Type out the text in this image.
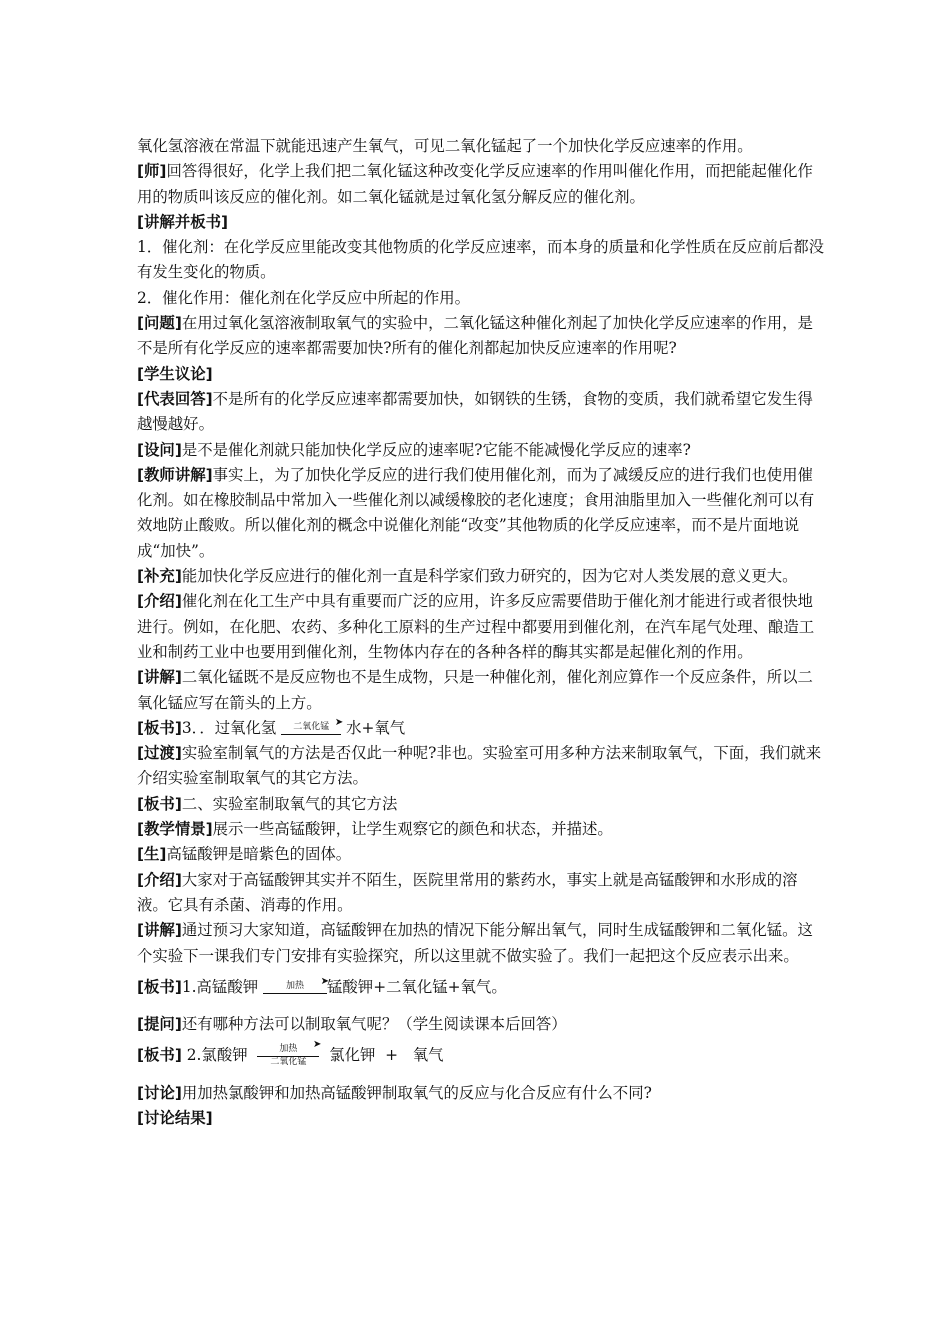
氧化氢溶液在常温下就能迅速产生氧气，可见二氧化锰起了一个加快化学反应速率的作用。

[师]回答得很好，化学上我们把二氧化锰这种改变化学反应速率的作用叫催化作用，而把能起催化作用的物质叫该反应的催化剂。如二氧化锰就是过氧化氢分解反应的催化剂。

[讲解并板书]

1．催化剂：在化学反应里能改变其他物质的化学反应速率，而本身的质量和化学性质在反应前后都没有发生变化的物质。

2．催化作用：催化剂在化学反应中所起的作用。

[问题]在用过氧化氢溶液制取氧气的实验中，二氧化锰这种催化剂起了加快化学反应速率的作用，是不是所有化学反应的速率都需要加快?所有的催化剂都起加快反应速率的作用呢?

[学生议论]

[代表回答]不是所有的化学反应速率都需要加快，如钢铁的生锈，食物的变质，我们就希望它发生得越慢越好。

[设问]是不是催化剂就只能加快化学反应的速率呢?它能不能减慢化学反应的速率?

[教师讲解]事实上，为了加快化学反应的进行我们使用催化剂，而为了减缓反应的进行我们也使用催化剂。如在橡胶制品中常加入一些催化剂以减缓橡胶的老化速度；食用油脂里加入一些催化剂可以有效地防止酸败。所以催化剂的概念中说催化剂能“改变”其他物质的化学反应速率，而不是片面地说成“加快”。

[补充]能加快化学反应进行的催化剂一直是科学家们致力研究的，因为它对人类发展的意义更大。

[介绍]催化剂在化工生产中具有重要而广泛的应用，许多反应需要借助于催化剂才能进行或者很快地进行。例如，在化肥、农药、多种化工原料的生产过程中都要用到催化剂，在汽车尾气处理、酿造工业和制药工业中也要用到催化剂，生物体内存在的各种各样的酶其实都是起催化剂的作用。

[讲解]二氧化锰既不是反应物也不是生成物，只是一种催化剂，催化剂应算作一个反应条件，所以二氧化锰应写在箭头的上方。

[板书]3．．过氧化氢	二氧化锰 ➤ 水+氧气

[过渡]实验室制氧气的方法是否仅此一种呢?非也。实验室可用多种方法来制取氧气，下面，我们就来介绍实验室制取氧气的其它方法。

[板书]二、实验室制取氧气的其它方法

[教学情景]展示一些高锰酸钾，让学生观察它的颜色和状态，并描述。

[生]高锰酸钾是暗紫色的固体。

[介绍]大家对于高锰酸钾其实并不陌生，医院里常用的紫药水，事实上就是高锰酸钾和水形成的溶液。它具有杀菌、消毒的作用。

[讲解]通过预习大家知道，高锰酸钾在加热的情况下能分解出氧气，同时生成锰酸钾和二氧化锰。这个实验下一课我们专门安排有实验探究，所以这里就不做实验了。我们一起把这个反应表示出来。

[板书]1.高锰酸钾	加热	➤
锰酸钾+二氧化锰+氧气。

[提问]还有哪种方法可以制取氧气呢？（学生阅读课本后回答）

[板书] 2.氯酸钾	加热	➤
二氧化锰	氯化钾  +   氧气

[讨论]用加热氯酸钾和加热高锰酸钾制取氧气的反应与化合反应有什么不同?

[讨论结果]
